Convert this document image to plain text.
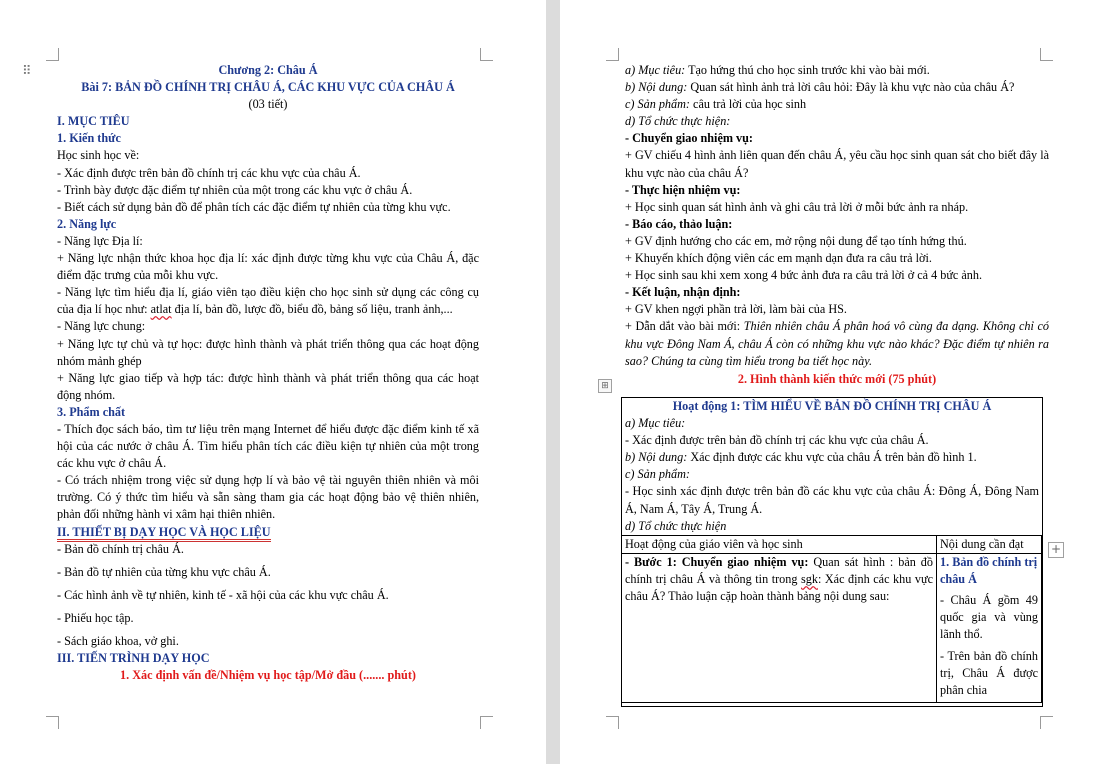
⠿	Chương 2: Châu Á

Bài 7: BẢN ĐỒ CHÍNH TRỊ CHÂU Á, CÁC KHU VỰC CỦA CHÂU Á

(03 tiết)

I. MỤC TIÊU

1. Kiến thức

Học sinh học về:

- Xác định được trên bản đồ chính trị các khu vực của châu Á.

- Trình bày được đặc điểm tự nhiên của một trong các khu vực ở châu Á.

- Biết cách sử dụng bản đồ để phân tích các đặc điểm tự nhiên của từng khu vực.

2. Năng lực

- Năng lực Địa lí:

+ Năng lực nhận thức khoa học địa lí: xác định được từng khu vực của Châu Á, đặc điểm đặc trưng của mỗi khu vực.

- Năng lực tìm hiểu địa lí, giáo viên tạo điều kiện cho học sinh sử dụng các công cụ của địa lí học như: atlat địa lí, bản đồ, lược đồ, biểu đồ, bảng số liệu, tranh ảnh,...

- Năng lực chung:

+ Năng lực tự chủ và tự học: được hình thành và phát triển thông qua các hoạt động nhóm mảnh ghép

+ Năng lực giao tiếp và hợp tác: được hình thành và phát triển thông qua các hoạt động nhóm.

3. Phẩm chất

- Thích đọc sách báo, tìm tư liệu trên mạng Internet để hiểu được đặc điểm kinh tế xã hội của các nước ở châu Á. Tìm hiểu phân tích các điều kiện tự nhiên của một trong các khu vực ở châu Á.

- Có trách nhiệm trong việc sử dụng hợp lí và bảo vệ tài nguyên thiên nhiên và môi trường. Có ý thức tìm hiểu và sẵn sàng tham gia các hoạt động bảo vệ thiên nhiên, phản đối những hành vi xâm hại thiên nhiên.

II. THIẾT BỊ DẠY HỌC VÀ HỌC LIỆU

- Bản đồ chính trị châu Á.

- Bản đồ tự nhiên của từng khu vực châu Á.

- Các hình ảnh về tự nhiên, kinh tế - xã hội của các khu vực châu Á.

- Phiếu học tập.

- Sách giáo khoa, vở ghi.

III. TIẾN TRÌNH DẠY HỌC

1. Xác định vấn đề/Nhiệm vụ học tập/Mở đầu (....... phút)

a) Mục tiêu: Tạo hứng thú cho học sinh trước khi vào bài mới.

b) Nội dung: Quan sát hình ảnh trả lời câu hỏi: Đây là khu vực nào của châu Á?

c) Sản phẩm: câu trả lời của học sinh

d) Tổ chức thực hiện:

- Chuyển giao nhiệm vụ:

+ GV chiếu 4 hình ảnh liên quan đến châu Á, yêu cầu học sinh quan sát cho biết đây là khu vực nào của châu Á?

- Thực hiện nhiệm vụ:

+ Học sinh quan sát hình ảnh và ghi câu trả lời ở mỗi bức ảnh ra nháp.

- Báo cáo, thảo luận:

+ GV định hướng cho các em, mở rộng nội dung để tạo tính hứng thú.

+ Khuyến khích động viên các em mạnh dạn đưa ra câu trả lời.

+ Học sinh sau khi xem xong 4 bức ảnh đưa ra câu trả lời ở cả 4 bức ảnh.

- Kết luận, nhận định:

+ GV khen ngợi phần trả lời, làm bài của HS.

+ Dẫn dắt vào bài mới: Thiên nhiên châu Á phân hoá vô cùng đa dạng. Không chỉ có khu vực Đông Nam Á, châu Á còn có những khu vực nào khác? Đặc điểm tự nhiên ra sao? Chúng ta cùng tìm hiểu trong ba tiết học này.

2. Hình thành kiến thức mới (75 phút)

⊞

Hoạt động 1: TÌM HIỂU VỀ BẢN ĐỒ CHÍNH TRỊ CHÂU Á

a) Mục tiêu:

- Xác định được trên bản đồ chính trị các khu vực của châu Á.

b) Nội dung: Xác định được các khu vực của châu Á trên bản đồ hình 1.

c) Sản phẩm:

- Học sinh xác định được trên bản đồ các khu vực của châu Á: Đông Á, Đông Nam Á, Nam Á, Tây Á, Trung Á.

d) Tổ chức thực hiện

Hoạt động của giáo viên và học sinh	Nội dung cần đạt
- Bước 1: Chuyển giao nhiệm vụ: Quan sát hình : bản đồ chính trị châu Á và thông tin trong sgk: Xác định các khu vực châu Á? Thảo luận cặp hoàn thành bảng nội dung sau:	1. Bản đồ chính trị châu Á

- Châu Á gồm 49 quốc gia và vùng lãnh thổ.

- Trên bản đồ chính trị, Châu Á được phân chia

+
